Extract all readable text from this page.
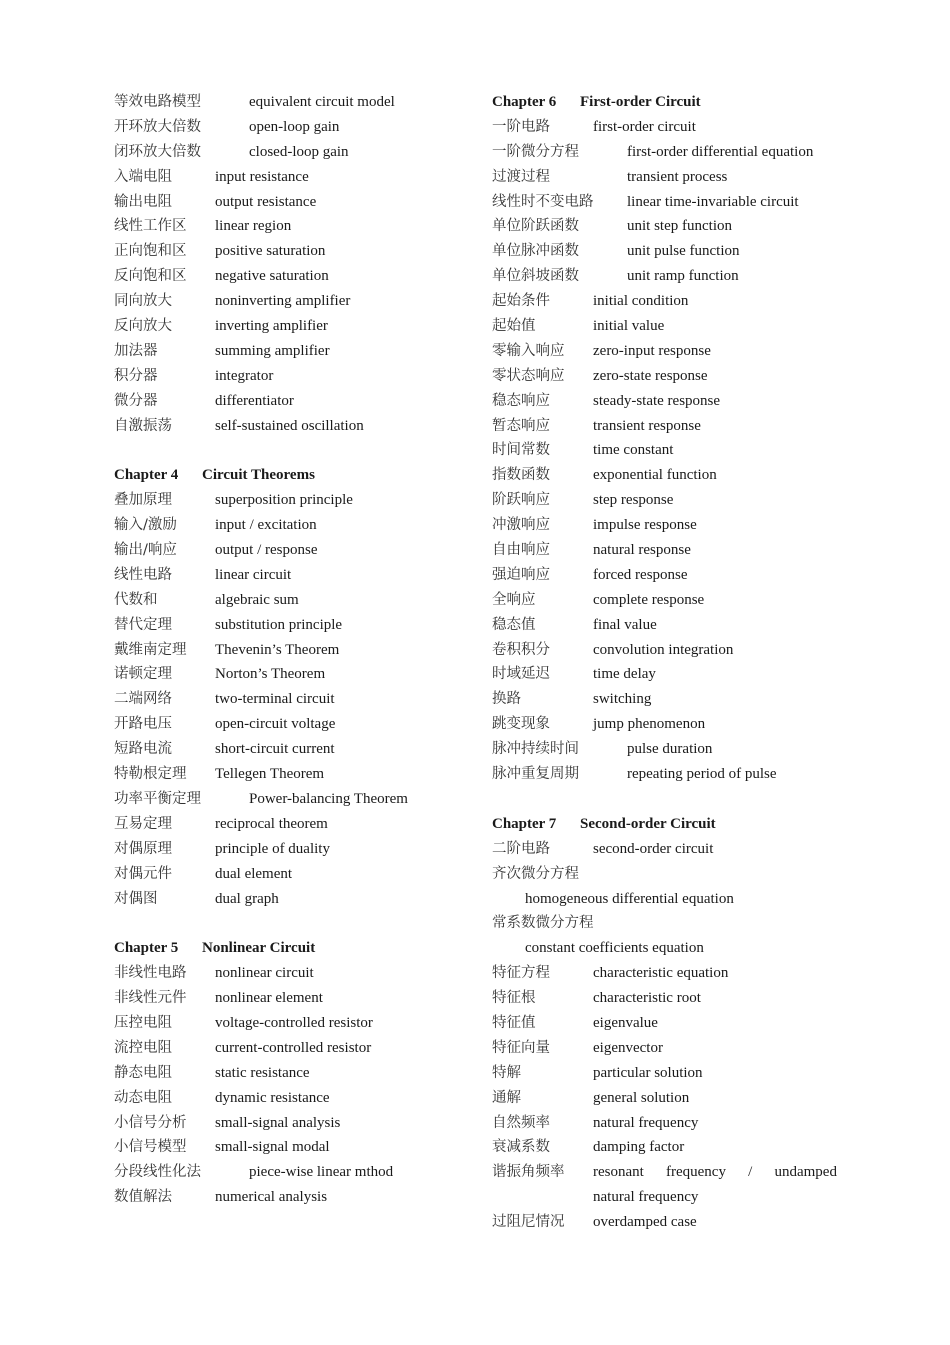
等效电路模型	equivalent circuit model
开环放大倍数	open-loop gain
闭环放大倍数	closed-loop gain
入端电阻	input resistance
输出电阻	output resistance
线性工作区 linear region
正向饱和区 positive saturation
反向饱和区 negative saturation
同向放大	noninverting amplifier
反向放大	inverting amplifier
加法器	summing amplifier
积分器	integrator
微分器	differentiator
自激振荡	self-sustained oscillation
Chapter 4 Circuit Theorems
叠加原理	superposition principle
输入/激励	input / excitation
输出/响应	output / response
线性电路	linear circuit
代数和	algebraic sum
替代定理	substitution principle
戴维南定理 Thevenin’s Theorem
诺顿定理	Norton’s Theorem
二端网络	two-terminal circuit
开路电压	open-circuit voltage
短路电流	short-circuit current
特勒根定理 Tellegen Theorem
功率平衡定理	Power-balancing Theorem
互易定理	reciprocal theorem
对偶原理	principle of duality
对偶元件	dual element
对偶图	dual graph
Chapter 5 Nonlinear Circuit
非线性电路 nonlinear circuit
非线性元件 nonlinear element
压控电阻	voltage-controlled resistor
流控电阻	current-controlled resistor
静态电阻	static resistance
动态电阻	dynamic resistance
小信号分析 small-signal analysis
小信号模型 small-signal modal
分段线性化法	piece-wise linear mthod
数值解法	numerical analysis
Chapter 6 First-order Circuit
一阶电路	first-order circuit
一阶微分方程	first-order differential equation
过渡过程	transient process
线性时不变电路 linear time-invariable circuit
单位阶跃函数	unit step function
单位脉冲函数	unit pulse function
单位斜坡函数	unit ramp function
起始条件	initial condition
起始值	initial value
零输入响应 zero-input response
零状态响应 zero-state response
稳态响应	steady-state response
暂态响应	transient response
时间常数	time constant
指数函数	exponential function
阶跃响应	step response
冲激响应	impulse response
自由响应	natural response
强迫响应	forced response
全响应	complete response
稳态值	final value
卷积积分	convolution integration
时域延迟	time delay
换路	switching
跳变现象	jump phenomenon
脉冲持续时间	pulse duration
脉冲重复周期	repeating period of pulse
Chapter 7 Second-order Circuit
二阶电路	second-order circuit
齐次微分方程
homogeneous differential equation
常系数微分方程
constant coefficients equation
特征方程	characteristic equation
特征根	characteristic root
特征值	eigenvalue
特征向量	eigenvector
特解	particular solution
通解	general solution
自然频率	natural frequency
衰减系数	damping factor
谐振角频率 resonant frequency / undamped
natural frequency
过阻尼情况 overdamped case
